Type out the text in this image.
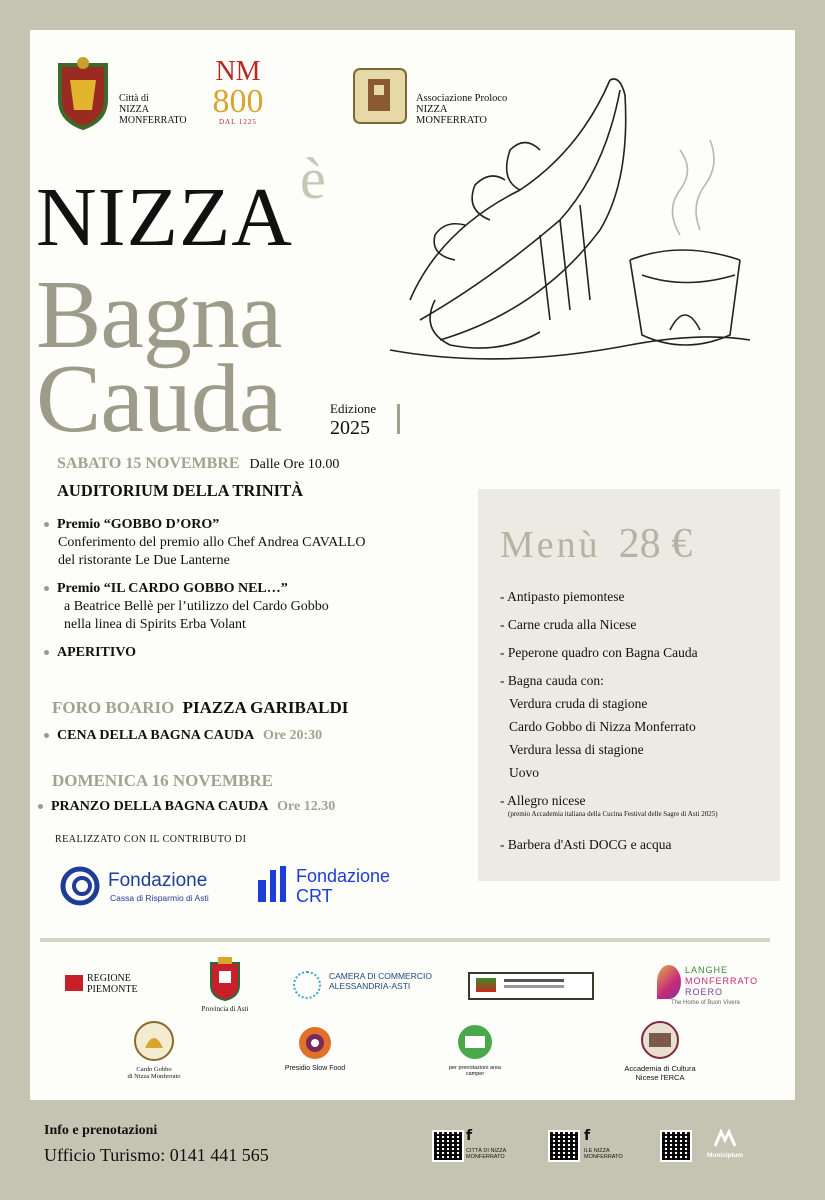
Città di
NIZZA
MONFERRATO
NM
800
DAL 1225
Associazione Proloco
NIZZA
MONFERRATO
NIZZA è
Bagna
Cauda	Edizione
2025
SABATO 15 NOVEMBRE Dalle Ore 10.00
AUDITORIUM DELLA TRINITÀ
Premio “GOBBO D’ORO”
Conferimento del premio allo Chef Andrea CAVALLO
del ristorante Le Due Lanterne
Premio “IL CARDO GOBBO NEL…”
a Beatrice Bellè per l’utilizzo del Cardo Gobbo
nella linea di Spirits Erba Volant
APERITIVO
FORO BOARIO PIAZZA GARIBALDI
CENA DELLA BAGNA CAUDA Ore 20:30
DOMENICA 16 NOVEMBRE
PRANZO DELLA BAGNA CAUDA Ore 12.30
REALIZZATO CON IL CONTRIBUTO DI
Fondazione
Cassa di Risparmio di Asti
Fondazione
CRT
Menù 28 €
- Antipasto piemontese
- Carne cruda alla Nicese
- Peperone quadro con Bagna Cauda
- Bagna cauda con:
Verdura cruda di stagione
Cardo Gobbo di Nizza Monferrato
Verdura lessa di stagione
Uovo
- Allegro nicese
(premio Accademia italiana della Cucina Festival delle Sagre di Asti 2025)
- Barbera d'Asti DOCG e acqua
REGIONE
PIEMONTE
Provincia di Asti
CAMERA DI COMMERCIO
ALESSANDRIA-ASTI
LANGHE
MONFERRATO
ROERO
The Home of Buon Vivere
Cardo Gobbo
di Nizza Monferrato
Presidio Slow Food	per prenotazioni area camper
Accademia di Cultura
Nicese l'ERCA
Info e prenotazioni
Ufficio Turismo: 0141 441 565
f
CITTÀ DI NIZZA
MONFERRATO
f
ILE NIZZA
MONFERRATO	Municipium
